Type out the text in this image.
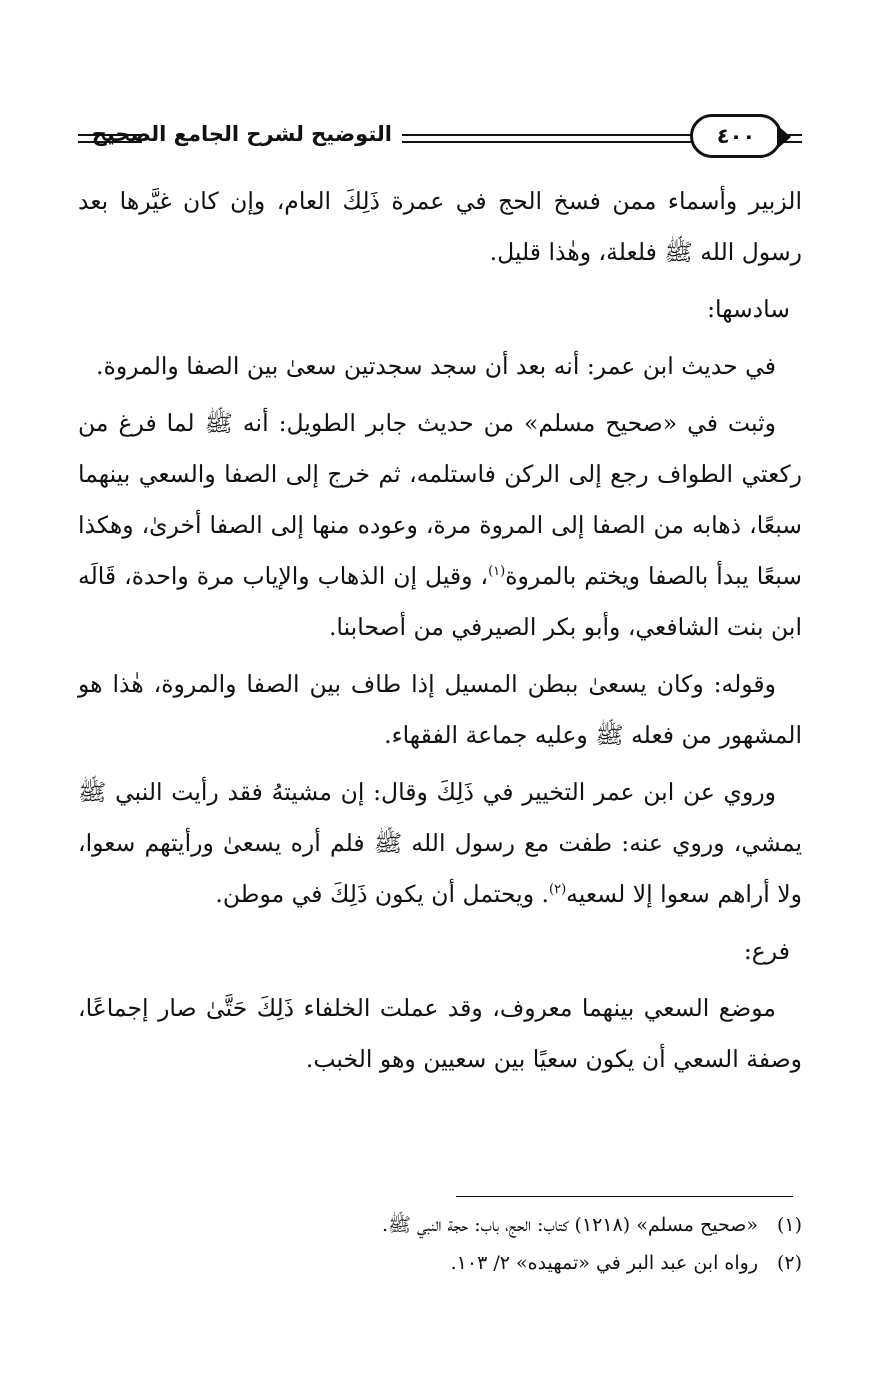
التوضيح لشرح الجامع الصحيح	٤٠٠

الزبير وأسماء ممن فسخ الحج في عمرة ذَلِكَ العام، وإن كان غيَّرها بعد رسول الله ﷺ فلعلة، وهٰذا قليل.

سادسها:

في حديث ابن عمر: أنه بعد أن سجد سجدتين سعىٰ بين الصفا والمروة.

وثبت في «صحيح مسلم» من حديث جابر الطويل: أنه ﷺ لما فرغ من ركعتي الطواف رجع إلى الركن فاستلمه، ثم خرج إلى الصفا والسعي بينهما سبعًا، ذهابه من الصفا إلى المروة مرة، وعوده منها إلى الصفا أخرىٰ، وهكذا سبعًا يبدأ بالصفا ويختم بالمروة$^{(١)}$، وقيل إن الذهاب والإياب مرة واحدة، قَالَه ابن بنت الشافعي، وأبو بكر الصيرفي من أصحابنا.

وقوله: وكان يسعىٰ ببطن المسيل إذا طاف بين الصفا والمروة، هٰذا هو المشهور من فعله ﷺ وعليه جماعة الفقهاء.

وروي عن ابن عمر التخيير في ذَلِكَ وقال: إن مشيتهُ فقد رأيت النبي ﷺ يمشي، وروي عنه: طفت مع رسول الله ﷺ فلم أره يسعىٰ ورأيتهم سعوا، ولا أراهم سعوا إلا لسعيه$^{(٢)}$. ويحتمل أن يكون ذَلِكَ في موطن.

فرع:

موضع السعي بينهما معروف، وقد عملت الخلفاء ذَلِكَ حَتَّىٰ صار إجماعًا، وصفة السعي أن يكون سعيًا بين سعيين وهو الخبب.

(١)
«صحيح مسلم» (١٢١٨) كتاب: الحج، باب: حجة النبي ﷺ.
(٢)
رواه ابن عبد البر في «تمهيده» ٢/ ١٠٣.
